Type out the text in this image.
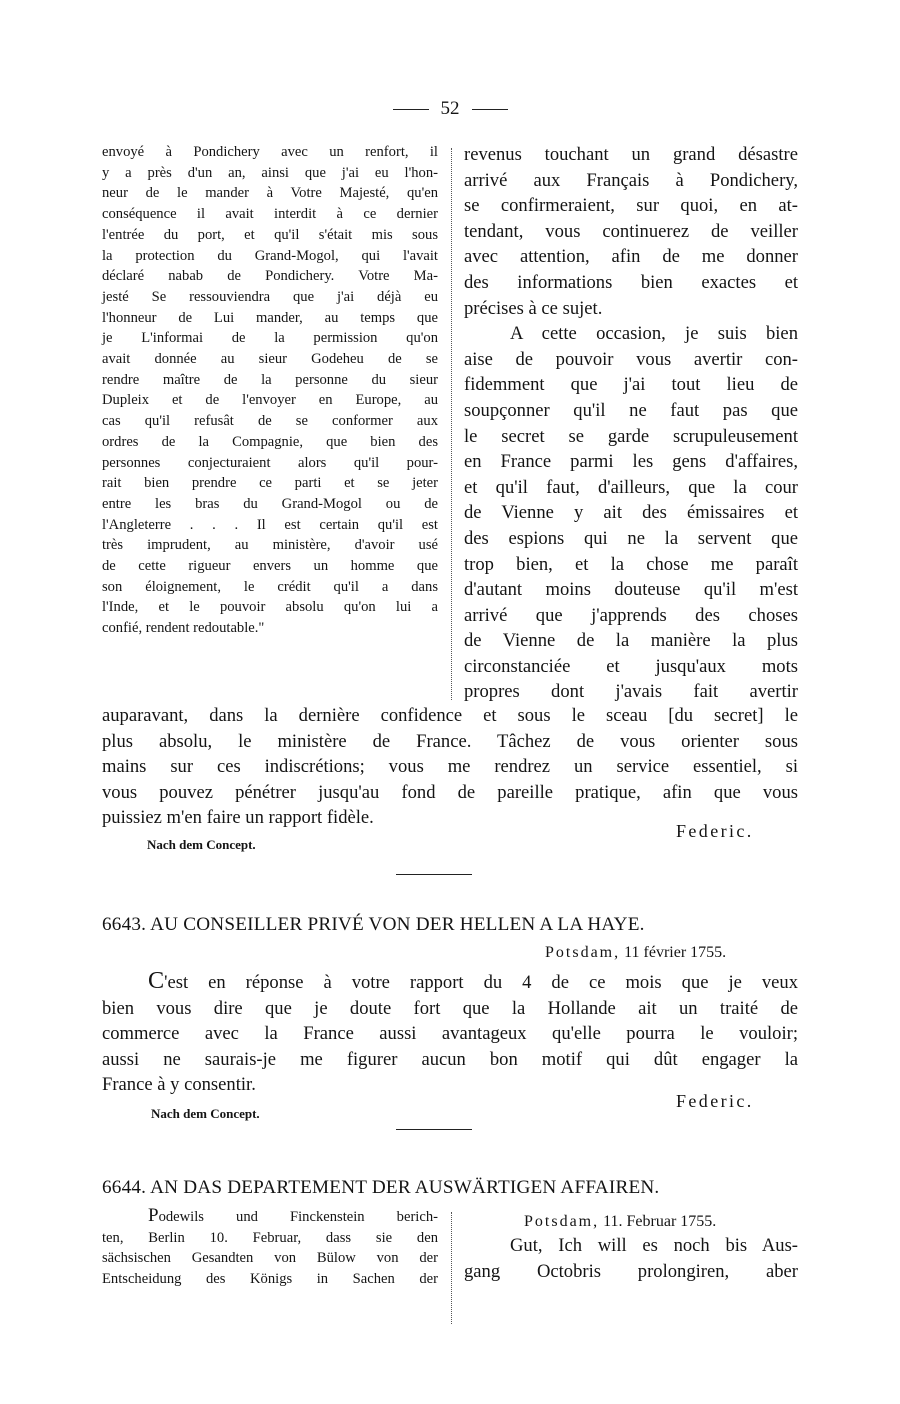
52
envoyé à Pondichery avec un renfort, il
y a près d'un an, ainsi que j'ai eu l'hon-
neur de le mander à Votre Majesté, qu'en
conséquence il avait interdit à ce dernier
l'entrée du port, et qu'il s'était mis sous
la protection du Grand-Mogol, qui l'avait
déclaré nabab de Pondichery. Votre Ma-
jesté Se ressouviendra que j'ai déjà eu
l'honneur de Lui mander, au temps que
je L'informai de la permission qu'on
avait donnée au sieur Godeheu de se
rendre maître de la personne du sieur
Dupleix et de l'envoyer en Europe, au
cas qu'il refusât de se conformer aux
ordres de la Compagnie, que bien des
personnes conjecturaient alors qu'il pour-
rait bien prendre ce parti et se jeter
entre les bras du Grand-Mogol ou de
l'Angleterre . . . Il est certain qu'il est
très imprudent, au ministère, d'avoir usé
de cette rigueur envers un homme que
son éloignement, le crédit qu'il a dans
l'Inde, et le pouvoir absolu qu'on lui a
confié, rendent redoutable."
revenus touchant un grand désastre
arrivé aux Français à Pondichery,
se confirmeraient, sur quoi, en at-
tendant, vous continuerez de veiller
avec attention, afin de me donner
des informations bien exactes et
précises à ce sujet.
A cette occasion, je suis bien
aise de pouvoir vous avertir con-
fidemment que j'ai tout lieu de
soupçonner qu'il ne faut pas que
le secret se garde scrupuleusement
en France parmi les gens d'affaires,
et qu'il faut, d'ailleurs, que la cour
de Vienne y ait des émissaires et
des espions qui ne la servent que
trop bien, et la chose me paraît
d'autant moins douteuse qu'il m'est
arrivé que j'apprends des choses
de Vienne de la manière la plus
circonstanciée et jusqu'aux mots
propres dont j'avais fait avertir
auparavant, dans la dernière confidence et sous le sceau [du secret] le
plus absolu, le ministère de France. Tâchez de vous orienter sous
mains sur ces indiscrétions; vous me rendrez un service essentiel, si
vous pouvez pénétrer jusqu'au fond de pareille pratique, afin que vous
puissiez m'en faire un rapport fidèle.
Federic.
Nach dem Concept.
6643. AU CONSEILLER PRIVÉ VON DER HELLEN A LA HAYE.
Potsdam, 11 février 1755.
C'est en réponse à votre rapport du 4 de ce mois que je veux
bien vous dire que je doute fort que la Hollande ait un traité de
commerce avec la France aussi avantageux qu'elle pourra le vouloir;
aussi ne saurais-je me figurer aucun bon motif qui dût engager la
France à y consentir.
Federic.
Nach dem Concept.
6644. AN DAS DEPARTEMENT DER AUSWÄRTIGEN AFFAIREN.
Podewils und Finckenstein berich-
ten, Berlin 10. Februar, dass sie den
sächsischen Gesandten von Bülow von der
Entscheidung des Königs in Sachen der
Potsdam, 11. Februar 1755.
Gut, Ich will es noch bis Aus-
gang Octobris prolongiren, aber
